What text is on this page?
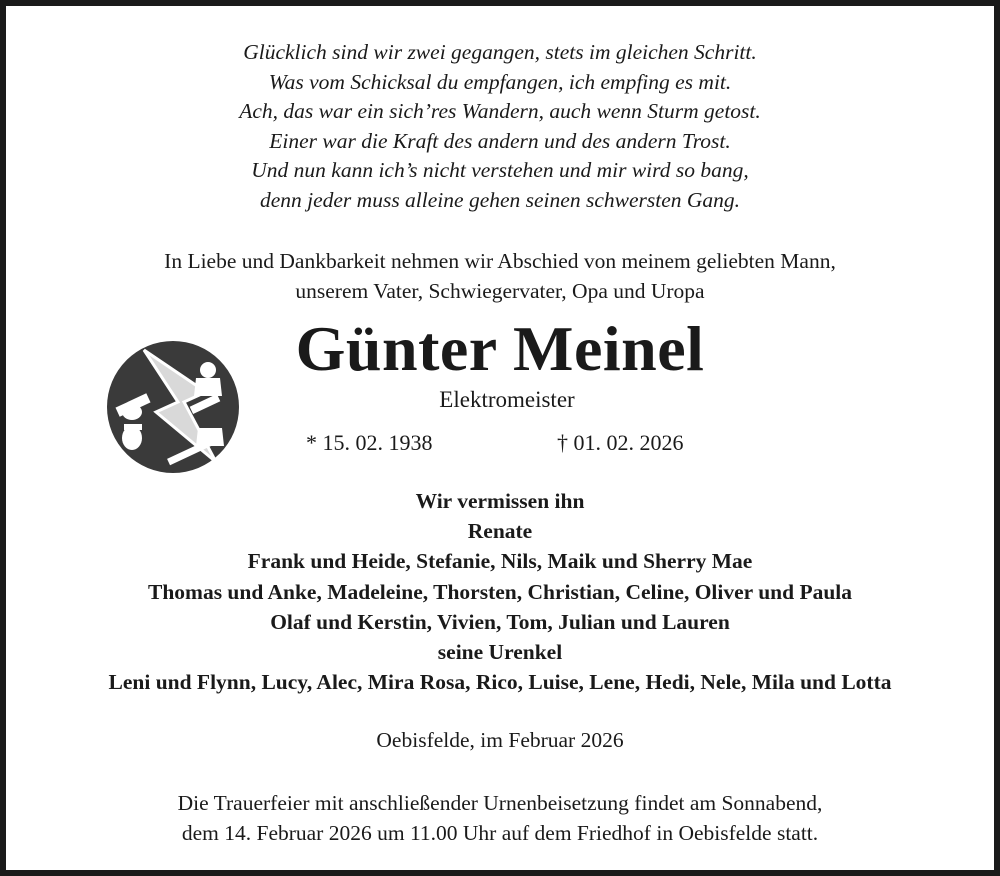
Glücklich sind wir zwei gegangen, stets im gleichen Schritt.
Was vom Schicksal du empfangen, ich empfing es mit.
Ach, das war ein sich’res Wandern, auch wenn Sturm getost.
Einer war die Kraft des andern und des andern Trost.
Und nun kann ich’s nicht verstehen und mir wird so bang,
denn jeder muss alleine gehen seinen schwersten Gang.
In Liebe und Dankbarkeit nehmen wir Abschied von meinem geliebten Mann,
unserem Vater, Schwiegervater, Opa und Uropa
Günter Meinel
Elektromeister
* 15. 02. 1938	† 01. 02. 2026
Wir vermissen ihn
Renate
Frank und Heide, Stefanie, Nils, Maik und Sherry Mae
Thomas und Anke, Madeleine, Thorsten, Christian, Celine, Oliver und Paula
Olaf und Kerstin, Vivien, Tom, Julian und Lauren
seine Urenkel
Leni und Flynn, Lucy, Alec, Mira Rosa, Rico, Luise, Lene, Hedi, Nele, Mila und Lotta
Oebisfelde, im Februar 2026
Die Trauerfeier mit anschließender Urnenbeisetzung findet am Sonnabend,
dem 14. Februar 2026 um 11.00 Uhr auf dem Friedhof in Oebisfelde statt.
